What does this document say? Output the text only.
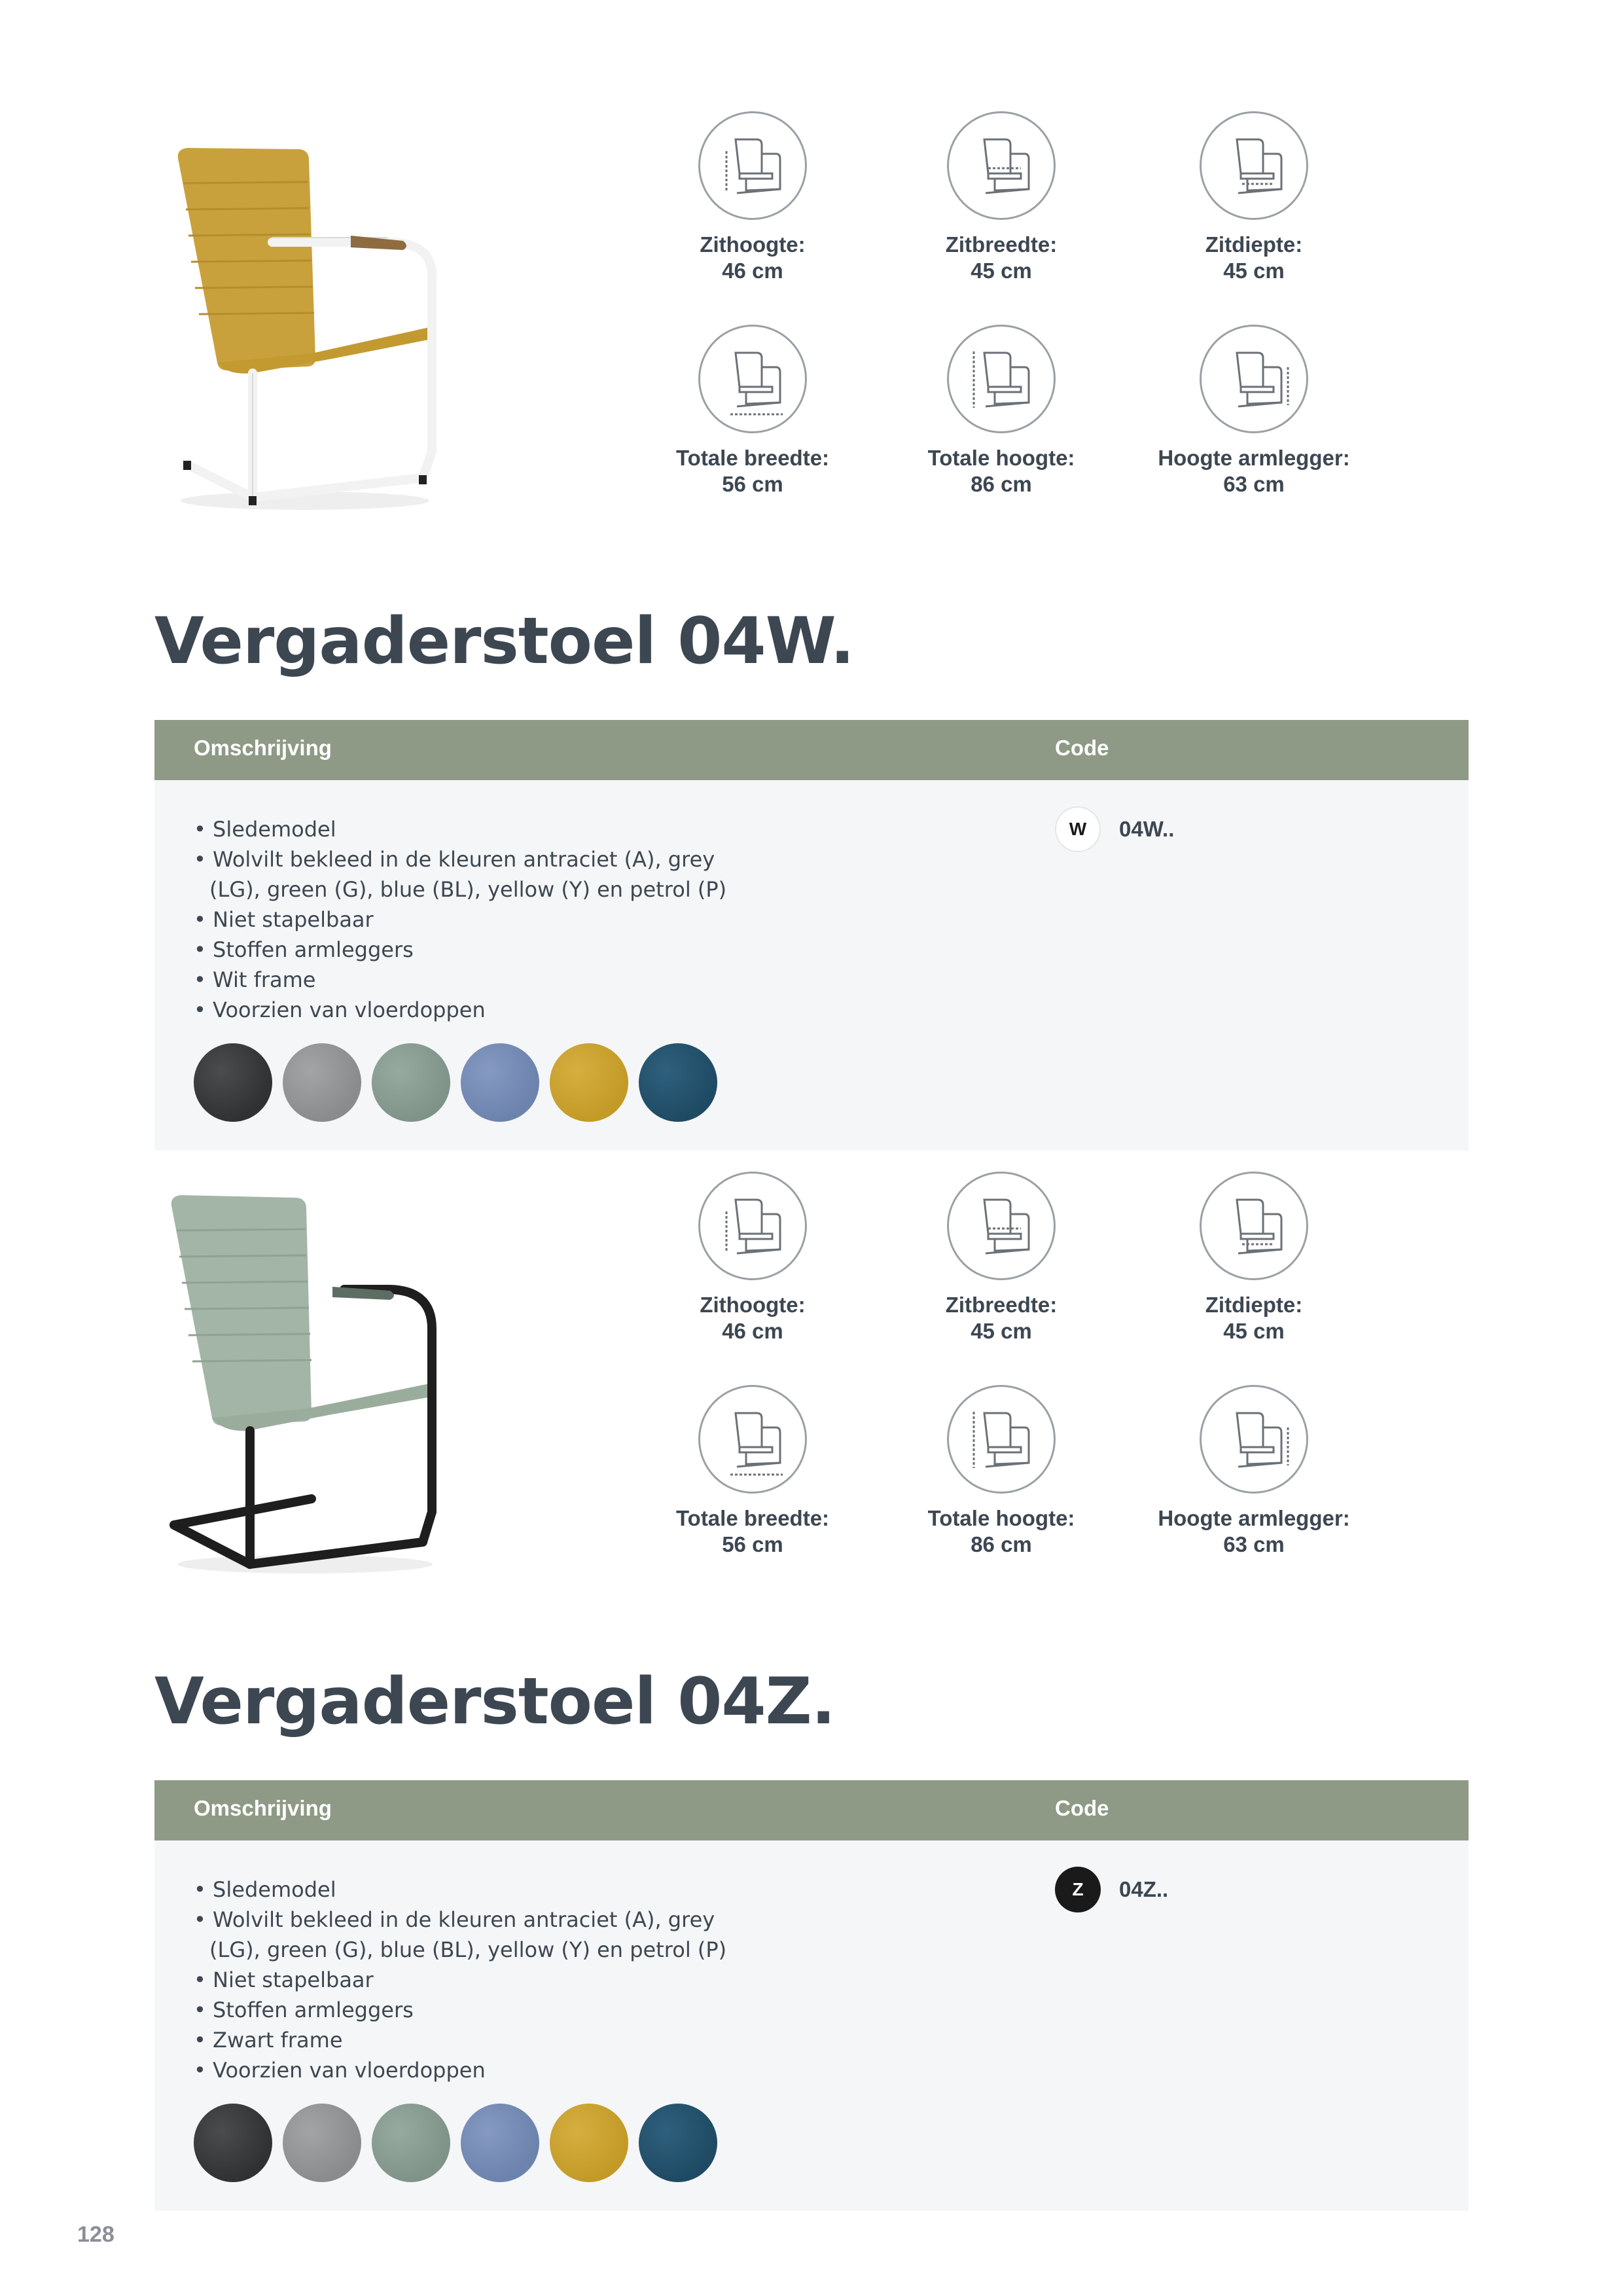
Zithoogte:
46 cm
Zitbreedte:
45 cm
Zitdiepte:
45 cm
Totale breedte:
56 cm
Totale hoogte:
86 cm
Hoogte armlegger:
63 cm
Vergaderstoel 04W.
Omschrijving	Code
• Sledemodel
• Wolvilt bekleed in de kleuren antraciet (A), grey (LG), green (G), blue (BL), yellow (Y) en petrol (P)
• Niet stapelbaar
• Stoffen armleggers
• Wit frame
• Voorzien van vloerdoppen
W	04W..
Zithoogte:
46 cm
Zitbreedte:
45 cm
Zitdiepte:
45 cm
Totale breedte:
56 cm
Totale hoogte:
86 cm
Hoogte armlegger:
63 cm
Vergaderstoel 04Z.
Omschrijving	Code
• Sledemodel
• Wolvilt bekleed in de kleuren antraciet (A), grey (LG), green (G), blue (BL), yellow (Y) en petrol (P)
• Niet stapelbaar
• Stoffen armleggers
• Zwart frame
• Voorzien van vloerdoppen
Z	04Z..
128
